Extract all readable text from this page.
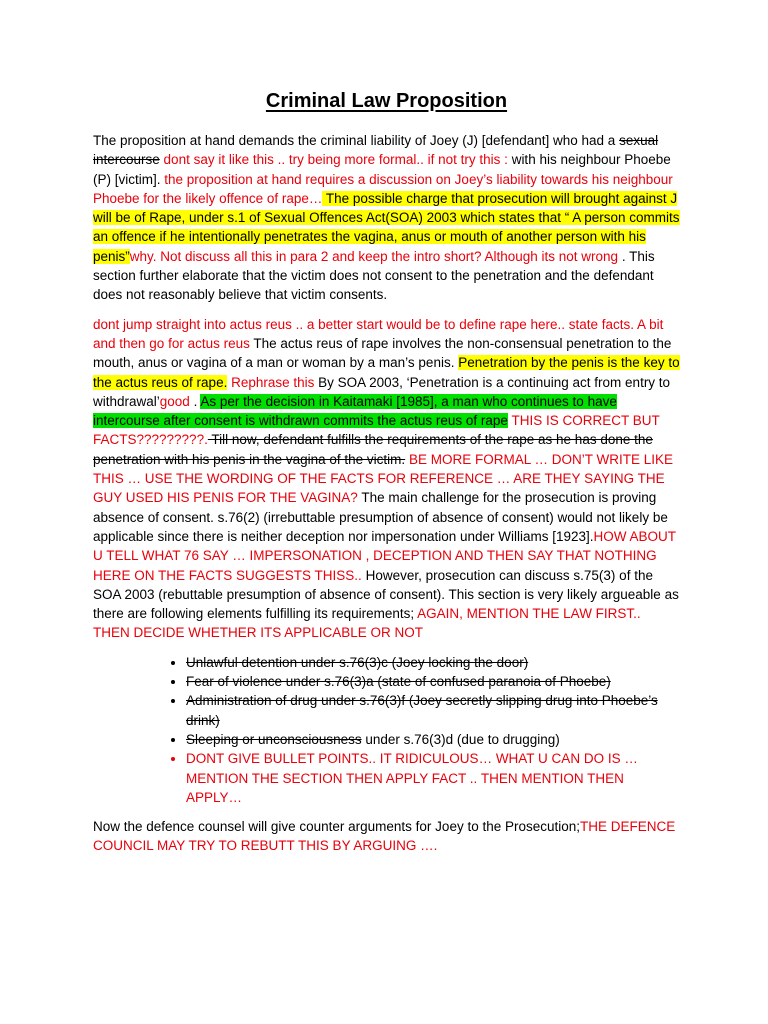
Criminal Law Proposition

The proposition at hand demands the criminal liability of Joey (J) [defendant] who had a sexual intercourse dont say it like this .. try being more formal.. if not try this : with his neighbour Phoebe (P) [victim]. the proposition at hand requires a discussion on Joey’s liability towards his neighbour Phoebe for the likely offence of rape… The possible charge that prosecution will brought against J will be of Rape, under s.1 of Sexual Offences Act(SOA) 2003 which states that “ A person commits an offence if he intentionally penetrates the vagina, anus or mouth of another person with his penis”why. Not discuss all this in para 2 and keep the intro short? Although its not wrong . This section further elaborate that the victim does not consent to the penetration and the defendant does not reasonably believe that victim consents.

dont jump straight into actus reus .. a better start would be to define rape here.. state facts. A bit and then go for actus reus The actus reus of rape involves the non-consensual penetration to the mouth, anus or vagina of a man or woman by a man’s penis. Penetration by the penis is the key to the actus reus of rape. Rephrase this By SOA 2003, ‘Penetration is a continuing act from entry to withdrawal’good . As per the decision in Kaitamaki [1985], a man who continues to have intercourse after consent is withdrawn commits the actus reus of rape THIS IS CORRECT BUT FACTS?????????. Till now, defendant fulfills the requirements of the rape as he has done the penetration with his penis in the vagina of the victim. BE MORE FORMAL … DON’T WRITE LIKE THIS … USE THE WORDING OF THE FACTS FOR REFERENCE … ARE THEY SAYING THE GUY USED HIS PENIS FOR THE VAGINA? The main challenge for the prosecution is proving absence of consent. s.76(2) (irrebuttable presumption of absence of consent) would not likely be applicable since there is neither deception nor impersonation under Williams [1923].HOW ABOUT U TELL WHAT 76 SAY … IMPERSONATION , DECEPTION AND THEN SAY THAT NOTHING HERE ON THE FACTS SUGGESTS THISS.. However, prosecution can discuss s.75(3) of the SOA 2003 (rebuttable presumption of absence of consent). This section is very likely argueable as there are following elements fulfilling its requirements; AGAIN, MENTION THE LAW FIRST.. THEN DECIDE WHETHER ITS APPLICABLE OR NOT

• Unlawful detention under s.76(3)c (Joey locking the door)
• Fear of violence under s.76(3)a (state of confused paranoia of Phoebe)
• Administration of drug under s.76(3)f (Joey secretly slipping drug into Phoebe’s drink)
• Sleeping or unconsciousness under s.76(3)d (due to drugging)
• DONT GIVE BULLET POINTS.. IT RIDICULOUS… WHAT U CAN DO IS … MENTION THE SECTION THEN APPLY FACT .. THEN MENTION THEN APPLY…

Now the defence counsel will give counter arguments for Joey to the Prosecution;THE DEFENCE COUNCIL MAY TRY TO REBUTT THIS BY ARGUING ….
